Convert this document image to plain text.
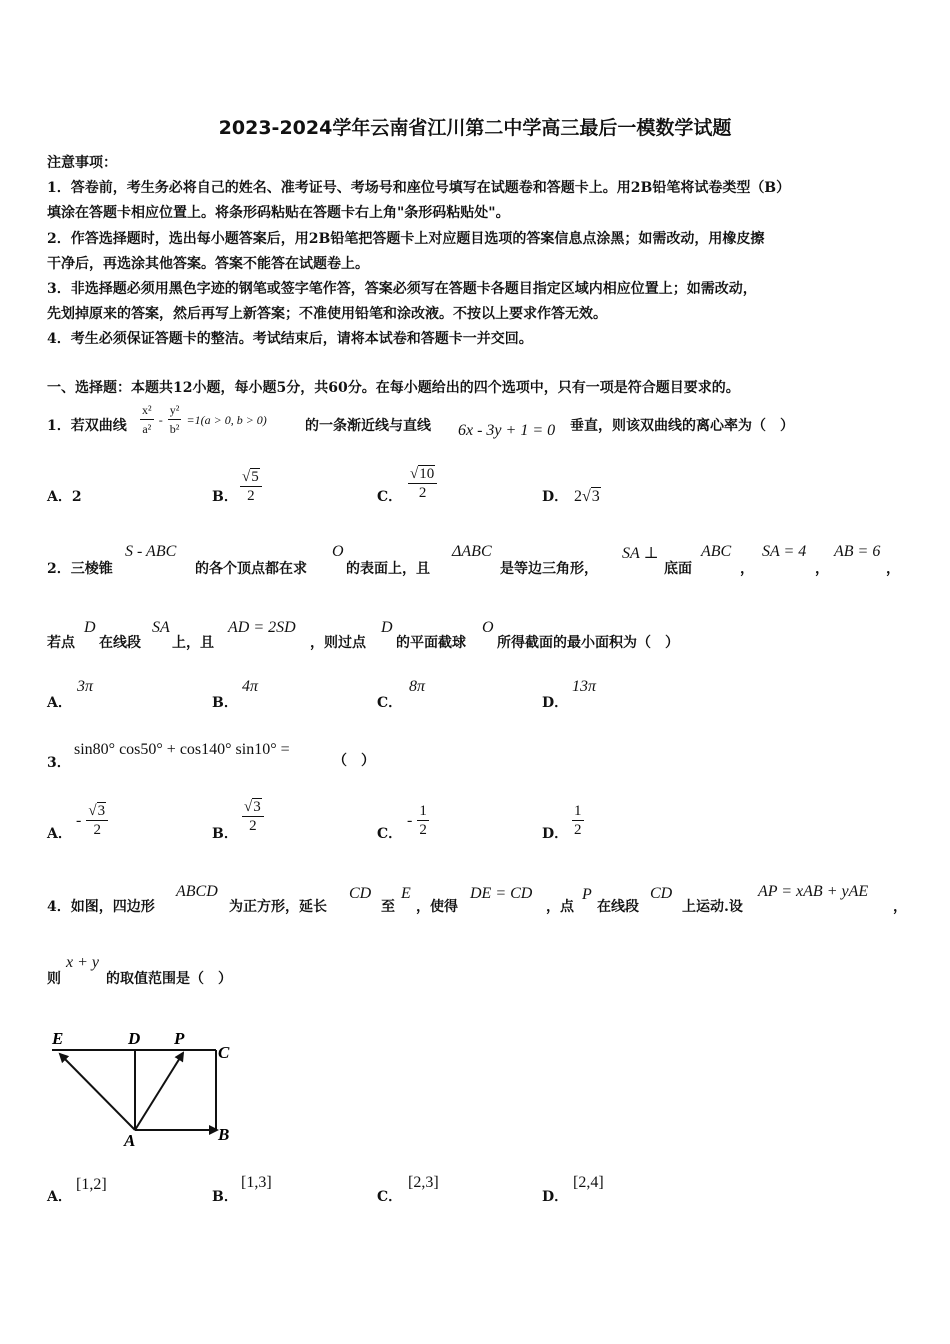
2023-2024学年云南省江川第二中学高三最后一模数学试题
注意事项：
1．答卷前，考生务必将自己的姓名、准考证号、考场号和座位号填写在试题卷和答题卡上。用2B铅笔将试卷类型（B）
填涂在答题卡相应位置上。将条形码粘贴在答题卡右上角"条形码粘贴处"。
2．作答选择题时，选出每小题答案后，用2B铅笔把答题卡上对应题目选项的答案信息点涂黑；如需改动，用橡皮擦
干净后，再选涂其他答案。答案不能答在试题卷上。
3．非选择题必须用黑色字迹的钢笔或签字笔作答，答案必须写在答题卡各题目指定区域内相应位置上；如需改动，
先划掉原来的答案，然后再写上新答案；不准使用铅笔和涂改液。不按以上要求作答无效。
4．考生必须保证答题卡的整洁。考试结束后，请将本试卷和答题卡一并交回。
一、选择题：本题共12小题，每小题5分，共60分。在每小题给出的四个选项中，只有一项是符合题目要求的。
1．若双曲线 $\frac{\text{x²}}{\text{a²}} - \frac{\text{y²}}{\text{b²}} =1(a > 0$, b > 0)	的一条渐近线与直线 6x - 3y + 1 = 0 垂直，则该双曲线的离心率为（　）
A．2	B． $\frac{√5}{2}$	C． $\frac{√10}{2}$	D． 2√3
2．三棱锥
S - ABC
的各个顶点都在求
O
的表面上，且
ΔABC
是等边三角形，
SA ⊥
底面
ABC
，
SA = 4
，
AB = 6
，
若点
D
在线段
SA
上，且
AD = 2SD
，则过点
D
的平面截球
O
所得截面的最小面积为（　）
A．
3π
B．
4π
C．
8π
D．
13π
3．
sin80° cos50° + cos140° sin10° =
（　）
A．
- $\frac{√3}{2}$	B． $\frac{√3}{2}$	C．
- $\frac{1}{2}$	D． $\frac{1}{2}$
4．如图，四边形
ABCD
为正方形，延长
CD
至
E
，使得
DE = CD
，点
P
在线段
CD
上运动.设
AP = xAB + yAE
，
则
x + y
的取值范围是（　）
E	D P
C
A	B
A．
[1,2]
B．
[1,3]
C．
[2,3]
D．
[2,4]
